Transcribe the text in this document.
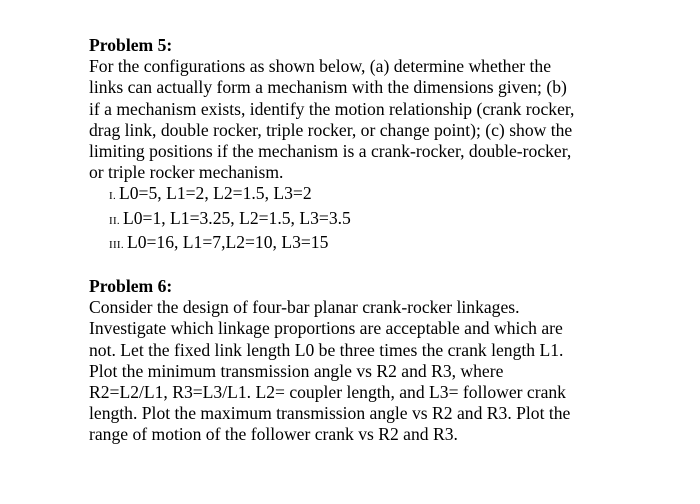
Problem 5:
For the configurations as shown below, (a) determine whether the
links can actually form a mechanism with the dimensions given; (b)
if a mechanism exists, identify the motion relationship (crank rocker,
drag link, double rocker, triple rocker, or change point); (c) show the
limiting positions if the mechanism is a crank-rocker, double-rocker,
or triple rocker mechanism.
I. L0=5, L1=2, L2=1.5, L3=2
II. L0=1, L1=3.25, L2=1.5, L3=3.5
III. L0=16, L1=7,L2=10, L3=15
Problem 6:
Consider the design of four-bar planar crank-rocker linkages.
Investigate which linkage proportions are acceptable and which are
not. Let the fixed link length L0 be three times the crank length L1.
Plot the minimum transmission angle vs R2 and R3, where
R2=L2/L1, R3=L3/L1. L2= coupler length, and L3= follower crank
length. Plot the maximum transmission angle vs R2 and R3. Plot the
range of motion of the follower crank vs R2 and R3.
